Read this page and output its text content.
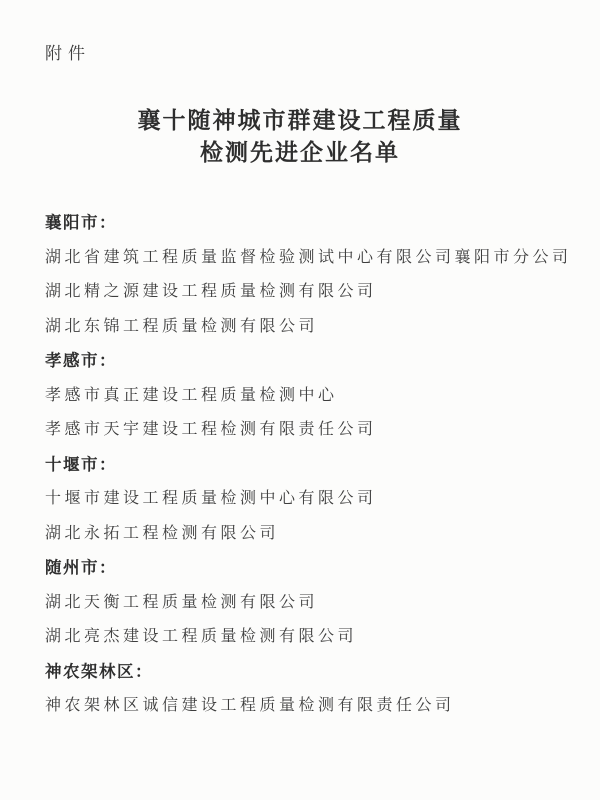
附件
襄十随神城市群建设工程质量
检测先进企业名单
襄阳市：
湖北省建筑工程质量监督检验测试中心有限公司襄阳市分公司
湖北精之源建设工程质量检测有限公司
湖北东锦工程质量检测有限公司
孝感市：
孝感市真正建设工程质量检测中心
孝感市天宇建设工程检测有限责任公司
十堰市：
十堰市建设工程质量检测中心有限公司
湖北永拓工程检测有限公司
随州市：
湖北天衡工程质量检测有限公司
湖北亮杰建设工程质量检测有限公司
神农架林区：
神农架林区诚信建设工程质量检测有限责任公司
